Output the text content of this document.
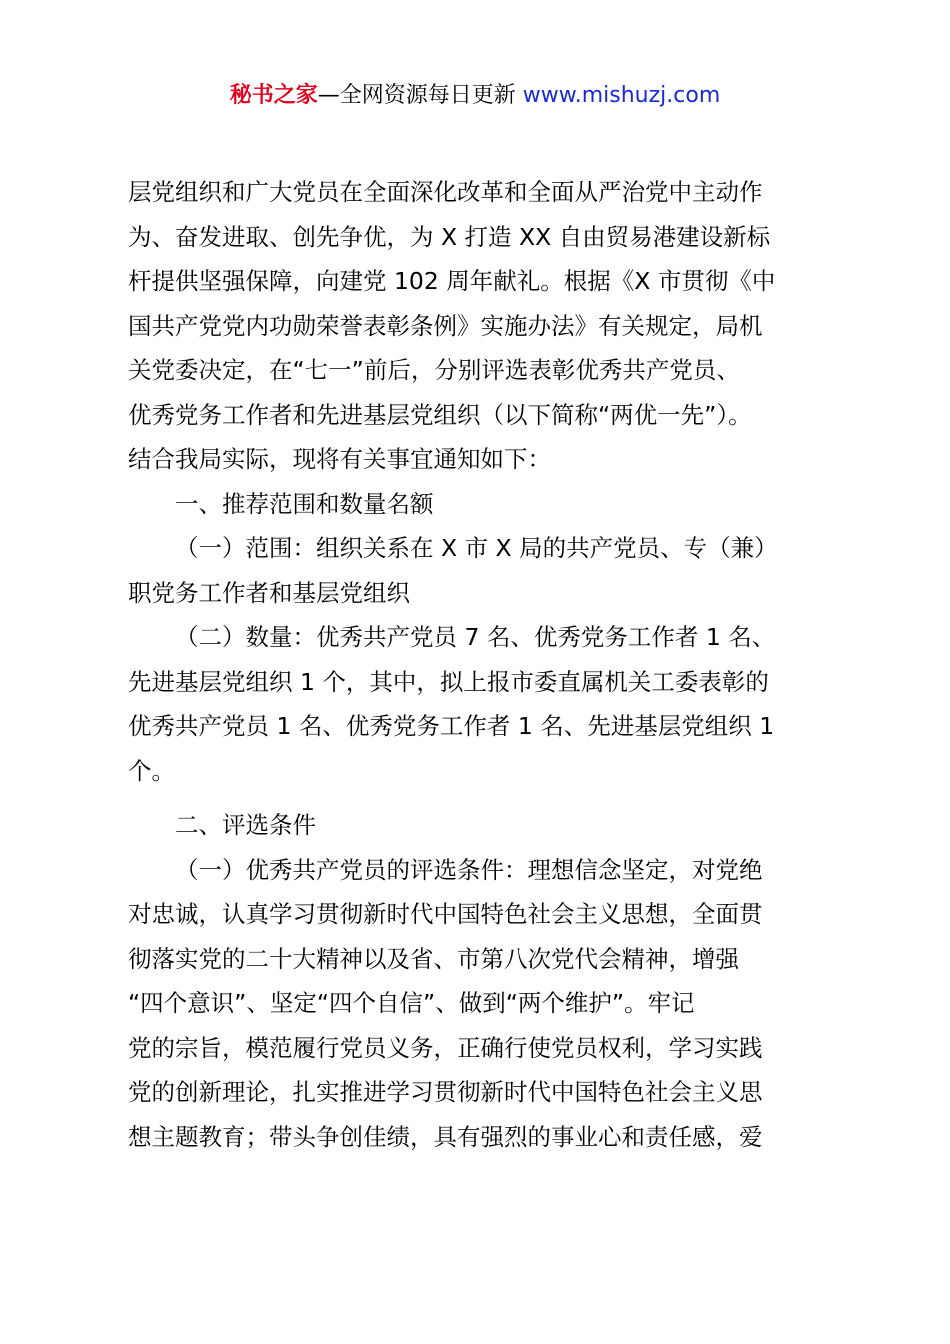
秘书之家—全网资源每日更新 www.mishuzj.com
层党组织和广大党员在全面深化改革和全面从严治党中主动作
为、奋发进取、创先争优，为 X 打造 XX 自由贸易港建设新标
杆提供坚强保障，向建党 102 周年献礼。根据《X 市贯彻《中
国共产党党内功勋荣誉表彰条例》实施办法》有关规定，局机
关党委决定，在“七一”前后，分别评选表彰优秀共产党员、
优秀党务工作者和先进基层党组织（以下简称“两优一先”）。
结合我局实际，现将有关事宜通知如下：
一、推荐范围和数量名额
（一）范围：组织关系在 X 市 X 局的共产党员、专（兼）
职党务工作者和基层党组织
（二）数量：优秀共产党员 7 名、优秀党务工作者 1 名、
先进基层党组织 1 个，其中，拟上报市委直属机关工委表彰的
优秀共产党员 1 名、优秀党务工作者 1 名、先进基层党组织 1
个。
二、评选条件
（一）优秀共产党员的评选条件：理想信念坚定，对党绝
对忠诚，认真学习贯彻新时代中国特色社会主义思想，全面贯
彻落实党的二十大精神以及省、市第八次党代会精神，增强
“四个意识”、坚定“四个自信”、做到“两个维护”。牢记
党的宗旨，模范履行党员义务，正确行使党员权利，学习实践
党的创新理论，扎实推进学习贯彻新时代中国特色社会主义思
想主题教育；带头争创佳绩，具有强烈的事业心和责任感，爱
